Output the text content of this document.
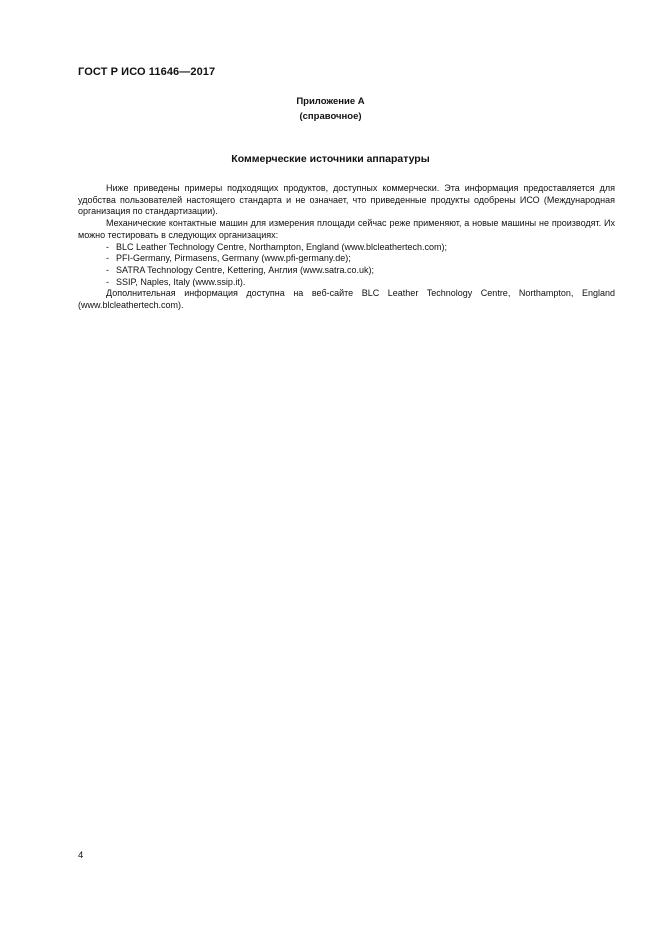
ГОСТ Р ИСО 11646—2017
Приложение А
(справочное)
Коммерческие источники аппаратуры

Ниже приведены примеры подходящих продуктов, доступных коммерчески. Эта информация предоставляется для удобства пользователей настоящего стандарта и не означает, что приведенные продукты одобрены ИСО (Международная организация по стандартизации).

Механические контактные машин для измерения площади сейчас реже применяют, а новые машины не производят. Их можно тестировать в следующих организациях:

- BLC Leather Technology Centre, Northampton, England (www.blcleathertech.com);
- PFI-Germany, Pirmasens, Germany (www.pfi-germany.de);
- SATRA Technology Centre, Kettering, Англия (www.satra.co.uk);
- SSIP, Naples, Italy (www.ssip.it).

Дополнительная информация доступна на веб-сайте BLC Leather Technology Centre, Northampton, England (www.blcleathertech.com).

4
